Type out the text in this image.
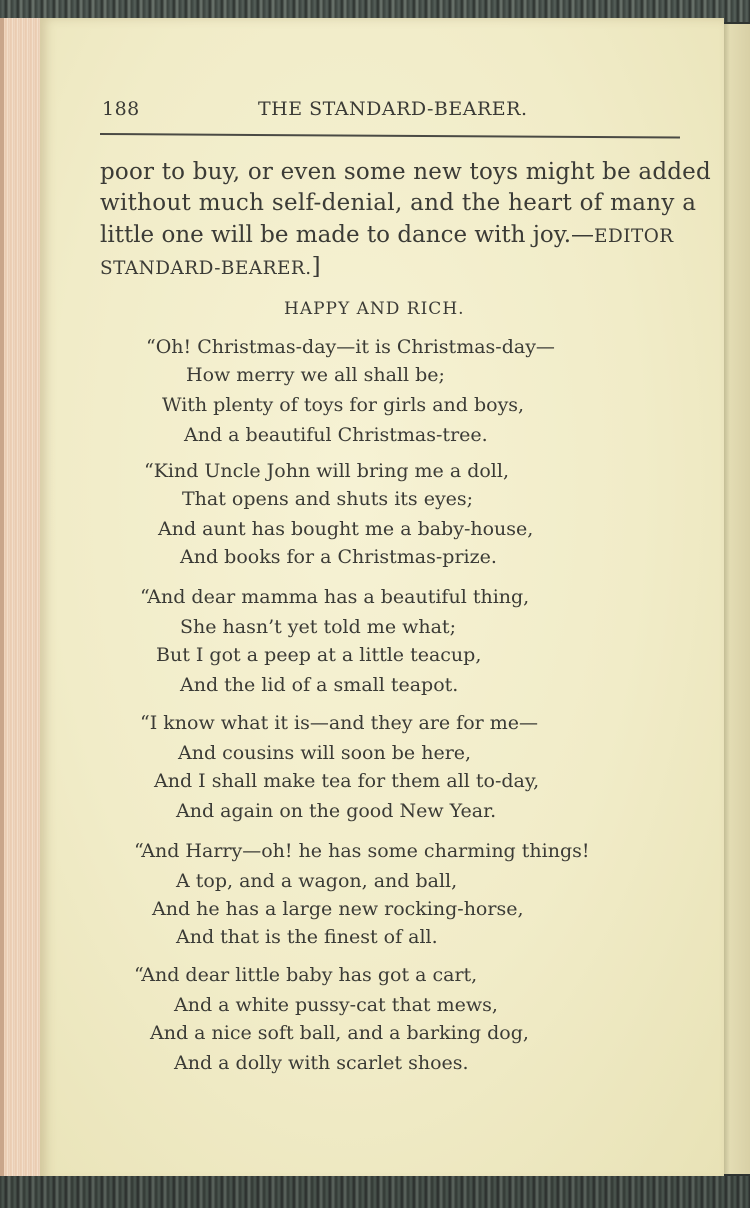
188	THE STANDARD-BEARER.
poor to buy, or even some new toys might be added
without much self-denial, and the heart of many a
little one will be made to dance with joy.—EDITOR
STANDARD-BEARER.]
HAPPY AND RICH.
“Oh! Christmas-day—it is Christmas-day—
How merry we all shall be;
With plenty of toys for girls and boys,
And a beautiful Christmas-tree.
“Kind Uncle John will bring me a doll,
That opens and shuts its eyes;
And aunt has bought me a baby-house,
And books for a Christmas-prize.
“And dear mamma has a beautiful thing,
She hasn’t yet told me what;
But I got a peep at a little teacup,
And the lid of a small teapot.
“I know what it is—and they are for me—
And cousins will soon be here,
And I shall make tea for them all to-day,
And again on the good New Year.
“And Harry—oh! he has some charming things!
A top, and a wagon, and ball,
And he has a large new rocking-horse,
And that is the finest of all.
“And dear little baby has got a cart,
And a white pussy-cat that mews,
And a nice soft ball, and a barking dog,
And a dolly with scarlet shoes.
